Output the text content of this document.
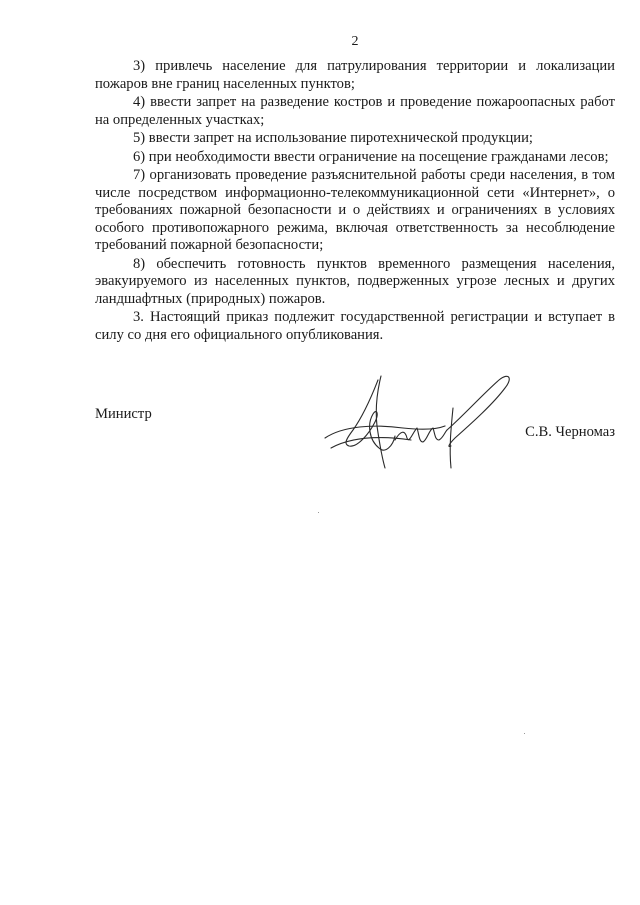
2

3) привлечь население для патрулирования территории и локализации пожаров вне границ населенных пунктов;

4) ввести запрет на разведение костров и проведение пожароопасных работ на определенных участках;

5) ввести запрет на использование пиротехнической продукции;

6) при необходимости ввести ограничение на посещение гражданами лесов;

7) организовать проведение разъяснительной работы среди населения, в том числе посредством информационно-телекоммуникационной сети «Интернет», о требованиях пожарной безопасности и о действиях и ограничениях в условиях особого противопожарного режима, включая ответственность за несоблюдение требований пожарной безопасности;

8) обеспечить готовность пунктов временного размещения населения, эвакуируемого из населенных пунктов, подверженных угрозе лесных и других ландшафтных (природных) пожаров.

3. Настоящий приказ подлежит государственной регистрации и вступает в силу со дня его официального опубликования.

Министр
С.В. Черномаз
